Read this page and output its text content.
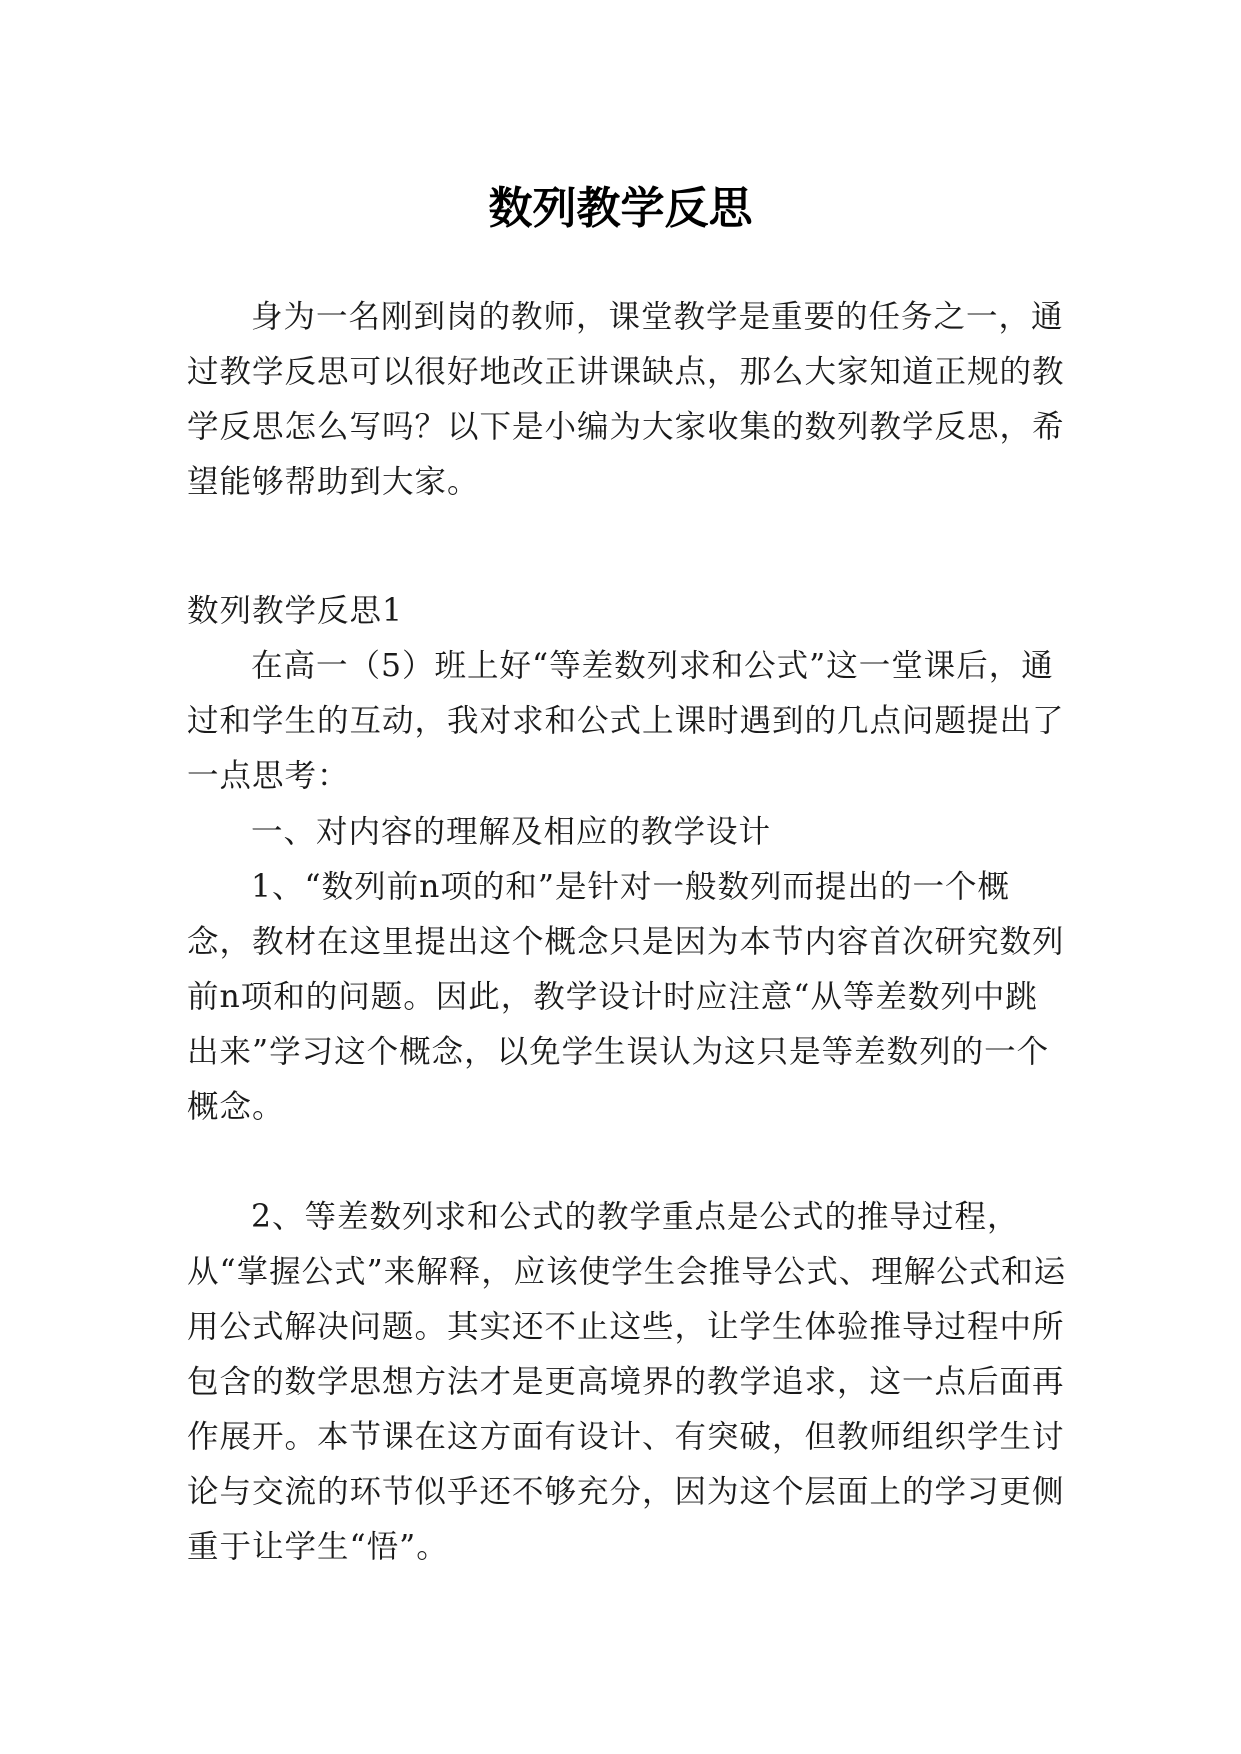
数列教学反思

身为一名刚到岗的教师，课堂教学是重要的任务之一，通过教学反思可以很好地改正讲课缺点，那么大家知道正规的教学反思怎么写吗？以下是小编为大家收集的数列教学反思，希望能够帮助到大家。

数列教学反思1

在高一（5）班上好“等差数列求和公式”这一堂课后，通过和学生的互动，我对求和公式上课时遇到的几点问题提出了一点思考：

一、对内容的理解及相应的教学设计

1、“数列前n项的和”是针对一般数列而提出的一个概念，教材在这里提出这个概念只是因为本节内容首次研究数列前n项和的问题。因此，教学设计时应注意“从等差数列中跳出来”学习这个概念，以免学生误认为这只是等差数列的一个概念。

2、等差数列求和公式的教学重点是公式的推导过程，从“掌握公式”来解释，应该使学生会推导公式、理解公式和运用公式解决问题。其实还不止这些，让学生体验推导过程中所包含的数学思想方法才是更高境界的教学追求，这一点后面再作展开。本节课在这方面有设计、有突破，但教师组织学生讨论与交流的环节似乎还不够充分，因为这个层面上的学习更侧重于让学生“悟”。
